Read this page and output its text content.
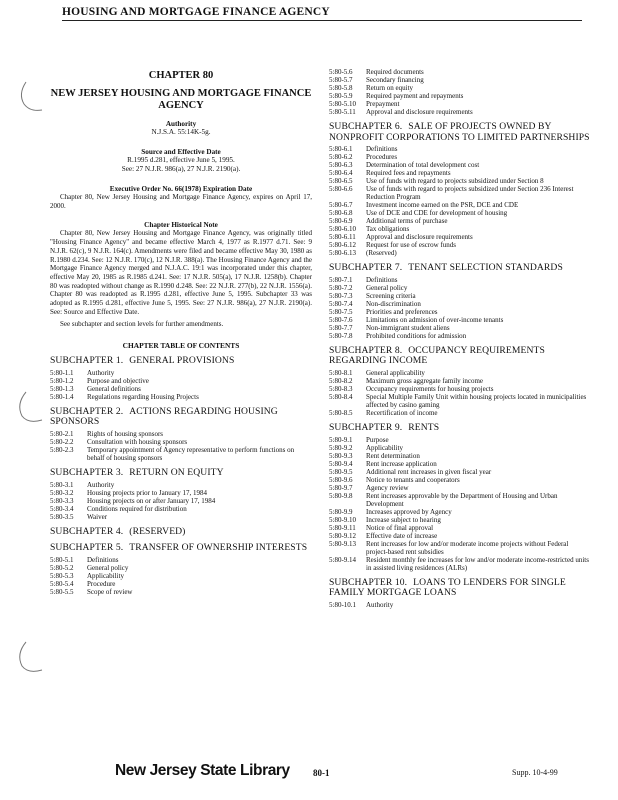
HOUSING AND MORTGAGE FINANCE AGENCY
CHAPTER 80
NEW JERSEY HOUSING AND MORTGAGE FINANCE AGENCY
Authority
N.J.S.A. 55:14K-5g.
Source and Effective Date
R.1995 d.281, effective June 5, 1995.
See: 27 N.J.R. 986(a), 27 N.J.R. 2190(a).
Executive Order No. 66(1978) Expiration Date
Chapter 80, New Jersey Housing and Mortgage Finance Agency, expires on April 17, 2000.
Chapter Historical Note
Chapter 80, New Jersey Housing and Mortgage Finance Agency, was originally titled "Housing Finance Agency" and became effective March 4, 1977 as R.1977 d.71. See: 9 N.J.R. 62(c), 9 N.J.R. 164(c). Amendments were filed and became effective May 30, 1980 as R.1980 d.234. See: 12 N.J.R. 170(c), 12 N.J.R. 388(a). The Housing Finance Agency and the Mortgage Finance Agency merged and N.J.A.C. 19:1 was incorporated under this chapter, effective May 20, 1985 as R.1985 d.241. See: 17 N.J.R. 505(a), 17 N.J.R. 1258(b). Chapter 80 was readopted without change as R.1990 d.248. See: 22 N.J.R. 277(b), 22 N.J.R. 1556(a). Chapter 80 was readopted as R.1995 d.281, effective June 5, 1995. Subchapter 33 was adopted as R.1995 d.281, effective June 5, 1995. See: 27 N.J.R. 986(a), 27 N.J.R. 2190(a). See: Source and Effective Date.
See subchapter and section levels for further amendments.
CHAPTER TABLE OF CONTENTS
SUBCHAPTER 1. GENERAL PROVISIONS
5:80-1.1	Authority
5:80-1.2	Purpose and objective
5:80-1.3	General definitions
5:80-1.4	Regulations regarding Housing Projects
SUBCHAPTER 2. ACTIONS REGARDING HOUSING SPONSORS
5:80-2.1	Rights of housing sponsors
5:80-2.2	Consultation with housing sponsors
5:80-2.3	Temporary appointment of Agency representative to perform functions on behalf of housing sponsors
SUBCHAPTER 3. RETURN ON EQUITY
5:80-3.1	Authority
5:80-3.2	Housing projects prior to January 17, 1984
5:80-3.3	Housing projects on or after January 17, 1984
5:80-3.4	Conditions required for distribution
5:80-3.5	Waiver
SUBCHAPTER 4. (RESERVED)
SUBCHAPTER 5. TRANSFER OF OWNERSHIP INTERESTS
5:80-5.1	Definitions
5:80-5.2	General policy
5:80-5.3	Applicability
5:80-5.4	Procedure
5:80-5.5	Scope of review
5:80-5.6	Required documents
5:80-5.7	Secondary financing
5:80-5.8	Return on equity
5:80-5.9	Required payment and repayments
5:80-5.10	Prepayment
5:80-5.11	Approval and disclosure requirements
SUBCHAPTER 6. SALE OF PROJECTS OWNED BY NONPROFIT CORPORATIONS TO LIMITED PARTNERSHIPS
5:80-6.1	Definitions
5:80-6.2	Procedures
5:80-6.3	Determination of total development cost
5:80-6.4	Required fees and repayments
5:80-6.5	Use of funds with regard to projects subsidized under Section 8
5:80-6.6	Use of funds with regard to projects subsidized under Section 236 Interest Reduction Program
5:80-6.7	Investment income earned on the PSR, DCE and CDE
5:80-6.8	Use of DCE and CDE for development of housing
5:80-6.9	Additional terms of purchase
5:80-6.10	Tax obligations
5:80-6.11	Approval and disclosure requirements
5:80-6.12	Request for use of escrow funds
5:80-6.13	(Reserved)
SUBCHAPTER 7. TENANT SELECTION STANDARDS
5:80-7.1	Definitions
5:80-7.2	General policy
5:80-7.3	Screening criteria
5:80-7.4	Non-discrimination
5:80-7.5	Priorities and preferences
5:80-7.6	Limitations on admission of over-income tenants
5:80-7.7	Non-immigrant student aliens
5:80-7.8	Prohibited conditions for admission
SUBCHAPTER 8. OCCUPANCY REQUIREMENTS REGARDING INCOME
5:80-8.1	General applicability
5:80-8.2	Maximum gross aggregate family income
5:80-8.3	Occupancy requirements for housing projects
5:80-8.4	Special Multiple Family Unit within housing projects located in municipalities affected by casino gaming
5:80-8.5	Recertification of income
SUBCHAPTER 9. RENTS
5:80-9.1	Purpose
5:80-9.2	Applicability
5:80-9.3	Rent determination
5:80-9.4	Rent increase application
5:80-9.5	Additional rent increases in given fiscal year
5:80-9.6	Notice to tenants and cooperators
5:80-9.7	Agency review
5:80-9.8	Rent increases approvable by the Department of Housing and Urban Development
5:80-9.9	Increases approved by Agency
5:80-9.10	Increase subject to hearing
5:80-9.11	Notice of final approval
5:80-9.12	Effective date of increase
5:80-9.13	Rent increases for low and/or moderate income projects without Federal project-based rent subsidies
5:80-9.14	Resident monthly fee increases for low and/or moderate income-restricted units in assisted living residences (ALRs)
SUBCHAPTER 10. LOANS TO LENDERS FOR SINGLE FAMILY MORTGAGE LOANS
5:80-10.1	Authority
New Jersey State Library	80-1	Supp. 10-4-99
